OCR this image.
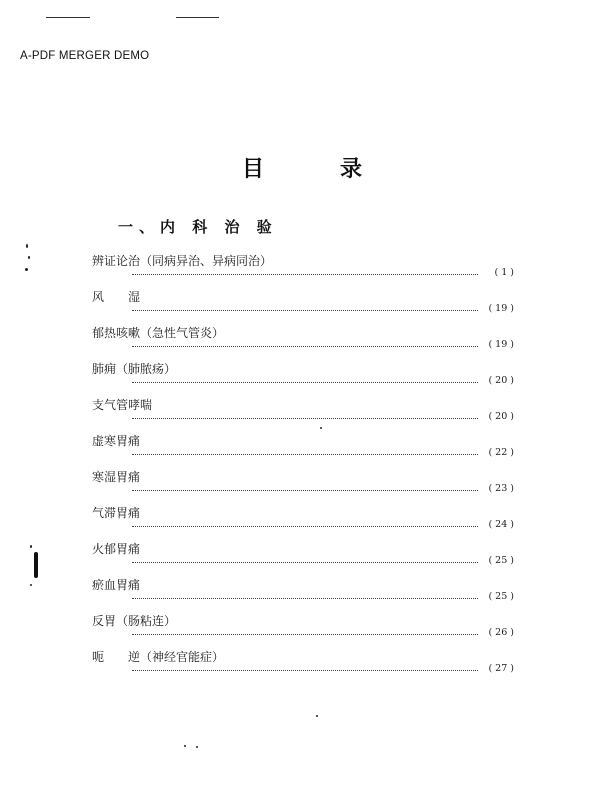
A-PDF MERGER DEMO
目	录
一、内 科 治 验
辨证论治（同病异治、异病同治）
( 1 )
风　　湿
( 19 )
郁热咳嗽（急性气管炎）
( 19 )
肺痈（肺脓疡）
( 20 )
支气管哮喘
( 20 )
虚寒胃痛
( 22 )
寒湿胃痛
( 23 )
气滞胃痛
( 24 )
火郁胃痛
( 25 )
瘀血胃痛
( 25 )
反胃（肠粘连）
( 26 )
呃　　逆（神经官能症）
( 27 )
